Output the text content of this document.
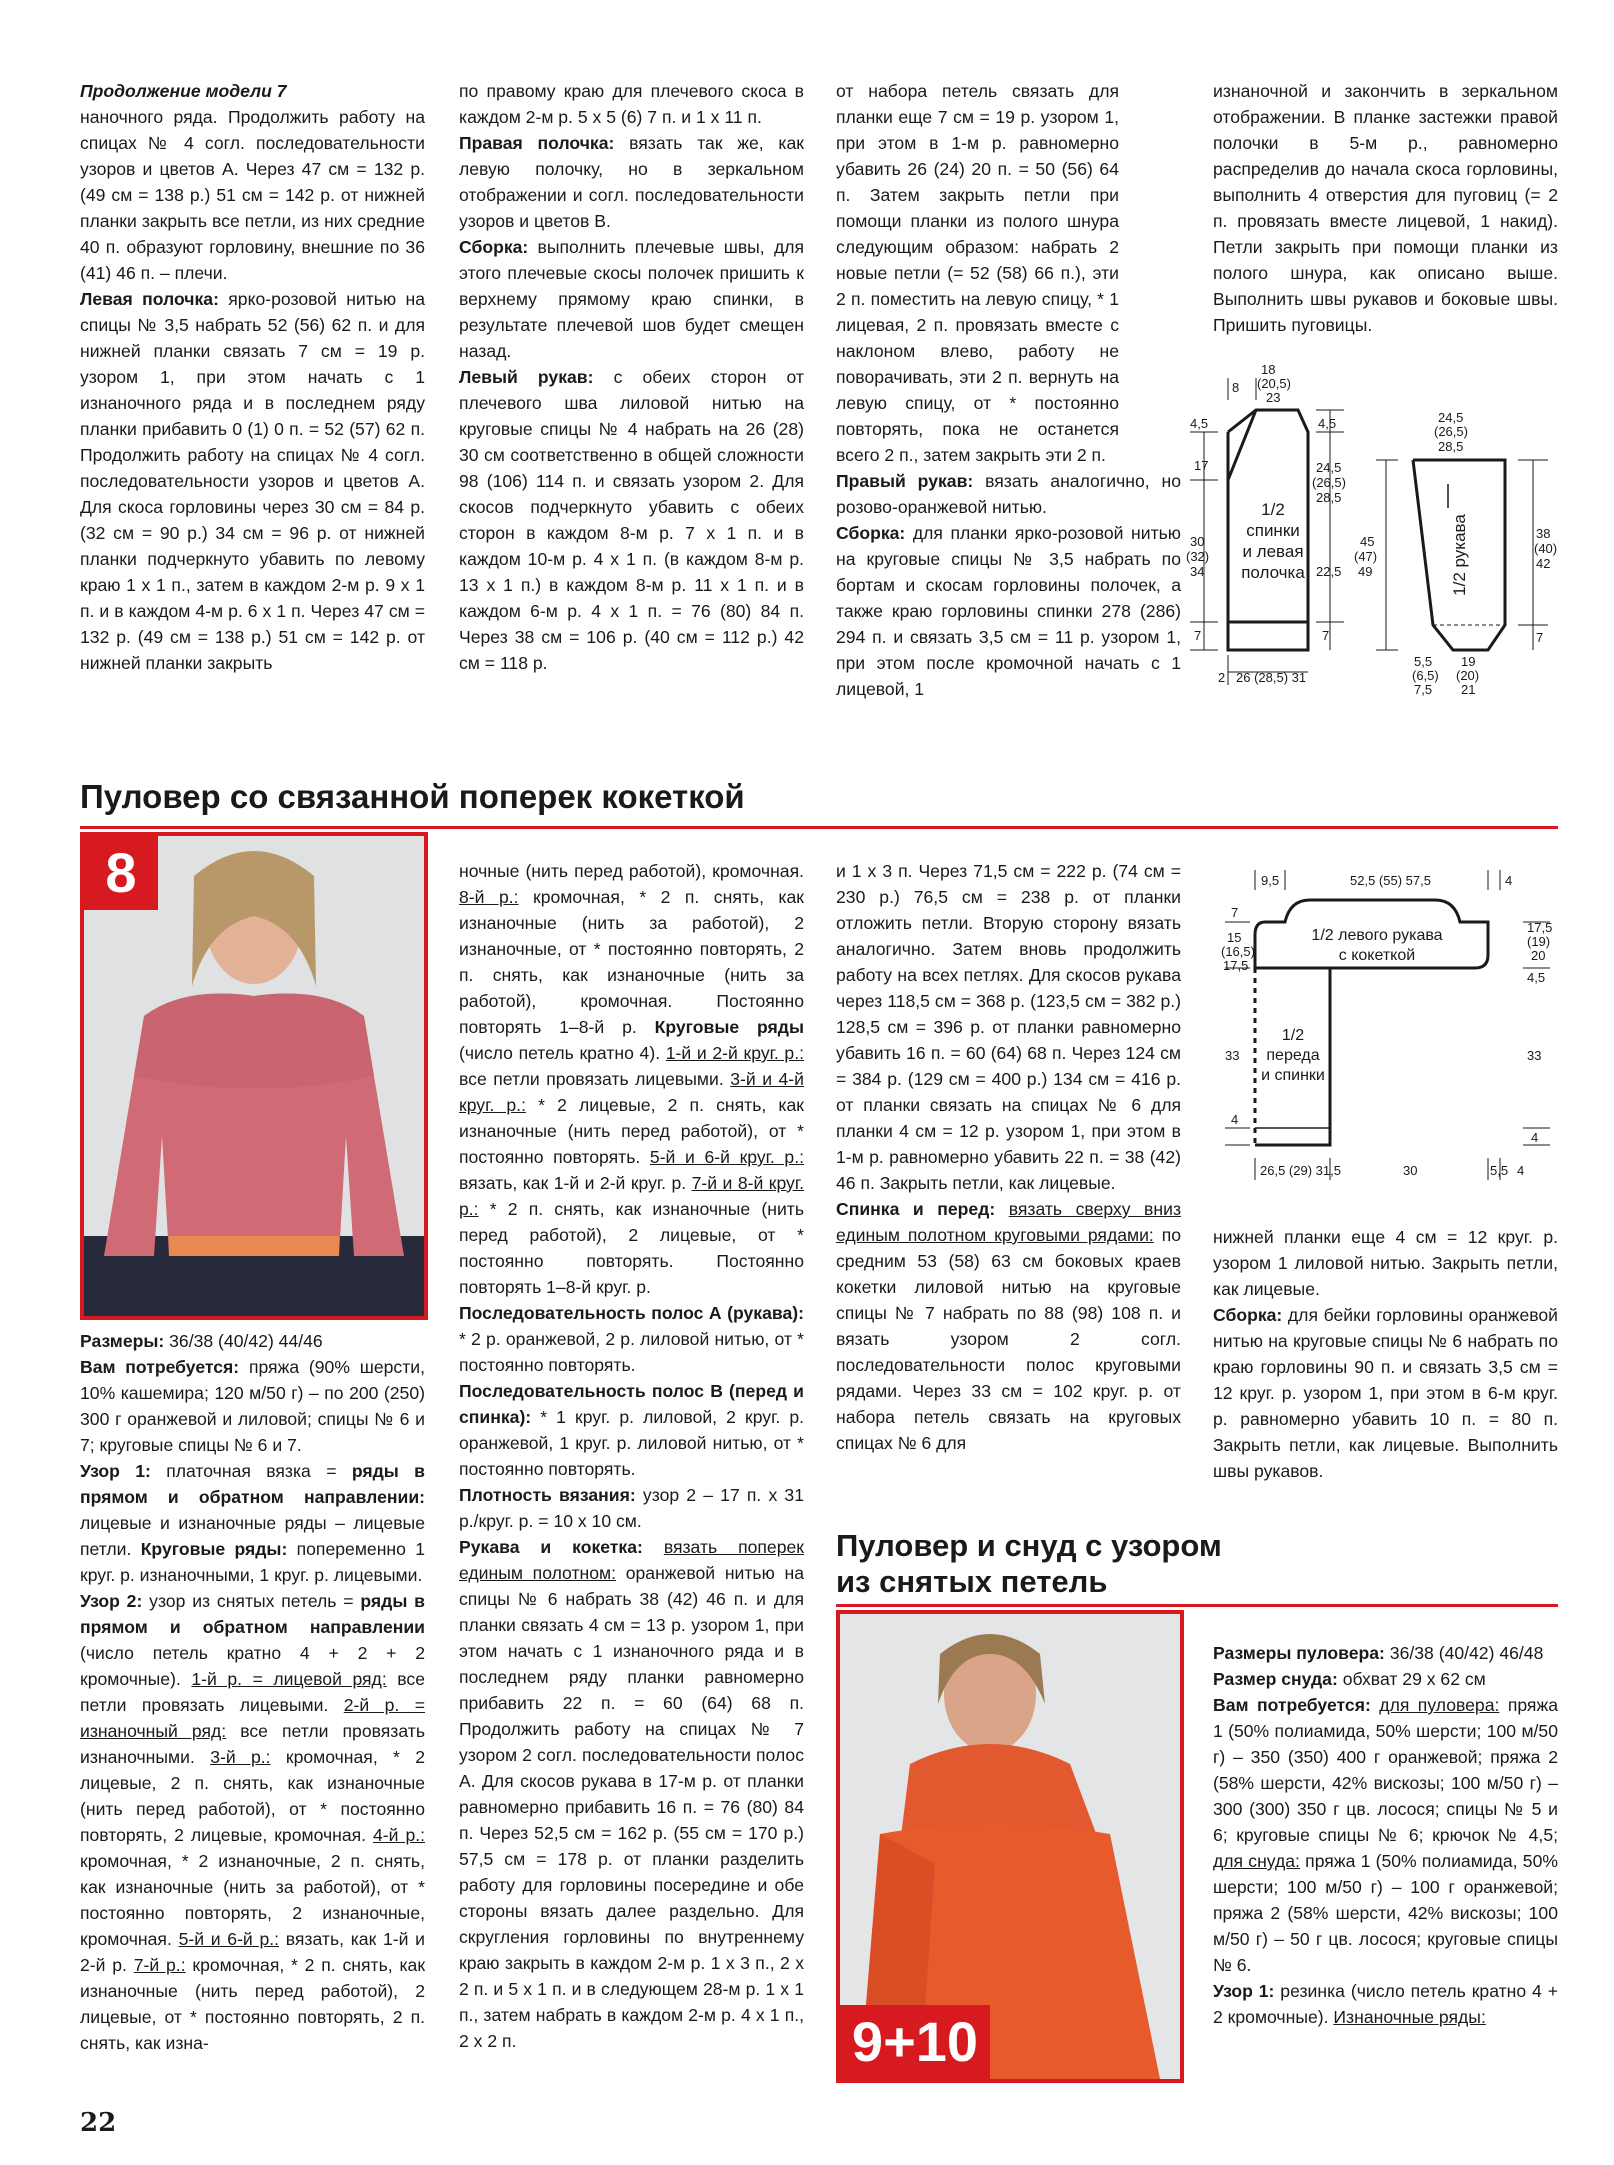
Продолжение модели 7

наночного ряда. Продолжить работу на спицах № 4 согл. последовательности узоров и цветов А. Через 47 см = 132 р. (49 см = 138 р.) 51 см = 142 р. от нижней планки закрыть все петли, из них средние 40 п. образуют горловину, внешние по 36 (41) 46 п. – плечи.

Левая полочка: ярко-розовой нитью на спицы № 3,5 набрать 52 (56) 62 п. и для нижней планки связать 7 см = 19 р. узором 1, при этом начать с 1 изнаночного ряда и в последнем ряду планки прибавить 0 (1) 0 п. = 52 (57) 62 п. Продолжить работу на спицах № 4 согл. последовательности узоров и цветов А. Для скоса горловины через 30 см = 84 р. (32 см = 90 р.) 34 см = 96 р. от нижней планки подчеркнуто убавить по левому краю 1 х 1 п., затем в каждом 2-м р. 9 х 1 п. и в каждом 4-м р. 6 х 1 п. Через 47 см = 132 р. (49 см = 138 р.) 51 см = 142 р. от нижней планки закрыть

по правому краю для плечевого скоса в каждом 2-м р. 5 х 5 (6) 7 п. и 1 х 11 п.

Правая полочка: вязать так же, как левую полочку, но в зеркальном отображении и согл. последовательности узоров и цветов В.

Сборка: выполнить плечевые швы, для этого плечевые скосы полочек пришить к верхнему прямому краю спинки, в результате плечевой шов будет смещен назад.

Левый рукав: с обеих сторон от плечевого шва лиловой нитью на круговые спицы № 4 набрать на 26 (28) 30 см соответственно в общей сложности 98 (106) 114 п. и связать узором 2. Для скосов подчеркнуто убавить с обеих сторон в каждом 8-м р. 7 х 1 п. и в каждом 10-м р. 4 х 1 п. (в каждом 8-м р. 13 х 1 п.) в каждом 8-м р. 11 х 1 п. и в каждом 6-м р. 4 х 1 п. = 76 (80) 84 п. Через 38 см = 106 р. (40 см = 112 р.) 42 см = 118 р.

от набора петель связать для планки еще 7 см = 19 р. узором 1, при этом в 1-м р. равномерно убавить 26 (24) 20 п. = 50 (56) 64 п. Затем закрыть петли при помощи планки из полого шнура следующим образом: набрать 2 новые петли (= 52 (58) 66 п.), эти 2 п. поместить на левую спицу, * 1 лицевая, 2 п. провязать вместе с наклоном влево, работу не поворачивать, эти 2 п. вернуть на левую спицу, от * постоянно повторять, пока не останется всего 2 п., затем закрыть эти 2 п.

Правый рукав: вязать аналогично, но розово-оранжевой нитью.

Сборка: для планки ярко-розовой нитью на круговые спицы № 3,5 набрать по бортам и скосам горловины полочек, а также краю горловины спинки 278 (286) 294 п. и связать 3,5 см = 11 р. узором 1, при этом после кромочной начать с 1 лицевой, 1

изнаночной и закончить в зеркальном отображении. В планке застежки правой полочки в 5-м р., равномерно распределив до начала скоса горловины, выполнить 4 отверстия для пуговиц (= 2 п. провязать вместе лицевой, 1 накид). Петли закрыть при помощи планки из полого шнура, как описано выше. Выполнить швы рукавов и боковые швы. Пришить пуговицы.

8
18
(20,5)
23
4,5
17
30
(32)
34
7
4,5
24,5
(26,5)
28,5
22,5
7
2 26 (28,5) 31
24,5
(26,5)
28,5
45
(47)
49
38
(40)
42
7
5,5
(6,5)
7,5
19
(20)
21
1/2
спинки
и левая
полочка	1/2 рукава
Пуловер со связанной поперек кокеткой
8

Размеры: 36/38 (40/42) 44/46

Вам потребуется: пряжа (90% шерсти, 10% кашемира; 120 м/50 г) – по 200 (250) 300 г оранжевой и лиловой; спицы № 6 и 7; круговые спицы № 6 и 7.

Узор 1: платочная вязка = ряды в прямом и обратном направлении: лицевые и изнаночные ряды – лицевые петли. Круговые ряды: попеременно 1 круг. р. изнаночными, 1 круг. р. лицевыми.

Узор 2: узор из снятых петель = ряды в прямом и обратном направлении (число петель кратно 4 + 2 + 2 кромочные). 1-й р. = лицевой ряд: все петли провязать лицевыми. 2-й р. = изнаночный ряд: все петли провязать изнаночными. 3-й р.: кромочная, * 2 лицевые, 2 п. снять, как изнаночные (нить перед работой), от * постоянно повторять, 2 лицевые, кромочная. 4-й р.: кромочная, * 2 изнаночные, 2 п. снять, как изнаночные (нить за работой), от * постоянно повторять, 2 изнаночные, кромочная. 5-й и 6-й р.: вязать, как 1-й и 2-й р. 7-й р.: кромочная, * 2 п. снять, как изнаночные (нить перед работой), 2 лицевые, от * постоянно повторять, 2 п. снять, как изна-

ночные (нить перед работой), кромочная. 8-й р.: кромочная, * 2 п. снять, как изнаночные (нить за работой), 2 изнаночные, от * постоянно повторять, 2 п. снять, как изнаночные (нить за работой), кромочная. Постоянно повторять 1–8-й р. Круговые ряды (число петель кратно 4). 1-й и 2-й круг. р.: все петли провязать лицевыми. 3-й и 4-й круг. р.: * 2 лицевые, 2 п. снять, как изнаночные (нить перед работой), от * постоянно повторять. 5-й и 6-й круг. р.: вязать, как 1-й и 2-й круг. р. 7-й и 8-й круг. р.: * 2 п. снять, как изнаночные (нить перед работой), 2 лицевые, от * постоянно повторять. Постоянно повторять 1–8-й круг. р.

Последовательность полос А (рукава): * 2 р. оранжевой, 2 р. лиловой нитью, от * постоянно повторять.

Последовательность полос В (перед и спинка): * 1 круг. р. лиловой, 2 круг. р. оранжевой, 1 круг. р. лиловой нитью, от * постоянно повторять.

Плотность вязания: узор 2 – 17 п. х 31 р./круг. р. = 10 х 10 см.

Рукава и кокетка: вязать поперек единым полотном: оранжевой нитью на спицы № 6 набрать 38 (42) 46 п. и для планки связать 4 см = 13 р. узором 1, при этом начать с 1 изнаночного ряда и в последнем ряду планки равномерно прибавить 22 п. = 60 (64) 68 п. Продолжить работу на спицах № 7 узором 2 согл. последовательности полос А. Для скосов рукава в 17-м р. от планки равномерно прибавить 16 п. = 76 (80) 84 п. Через 52,5 см = 162 р. (55 см = 170 р.) 57,5 см = 178 р. от планки разделить работу для горловины посередине и обе стороны вязать далее раздельно. Для скругления горловины по внутреннему краю закрыть в каждом 2-м р. 1 х 3 п., 2 х 2 п. и 5 х 1 п. и в следующем 28-м р. 1 х 1 п., затем набрать в каждом 2-м р. 4 х 1 п., 2 х 2 п.

и 1 х 3 п. Через 71,5 см = 222 р. (74 см = 230 р.) 76,5 см = 238 р. от планки отложить петли. Вторую сторону вязать аналогично. Затем вновь продолжить работу на всех петлях. Для скосов рукава через 118,5 см = 368 р. (123,5 см = 382 р.) 128,5 см = 396 р. от планки равномерно убавить 16 п. = 60 (64) 68 п. Через 124 см = 384 р. (129 см = 400 р.) 134 см = 416 р. от планки связать на спицах № 6 для планки 4 см = 12 р. узором 1, при этом в 1-м р. равномерно убавить 22 п. = 38 (42) 46 п. Закрыть петли, как лицевые.

Спинка и перед: вязать сверху вниз единым полотном круговыми рядами: по средним 53 (58) 63 см боковых краев кокетки лиловой нитью на круговые спицы № 7 набрать по 88 (98) 108 п. и вязать узором 2 согл. последовательности полос круговыми рядами. Через 33 см = 102 круг. р. от набора петель связать на круговых спицах № 6 для

9,5	52,5 (55) 57,5	4
7
15
(16,5)
17,5
33
4
17,5
(19)
20
4,5
33
4
26,5 (29) 31,5	30	5,5 4
1/2 левого рукава
с кокеткой
1/2
переда
и спинки

нижней планки еще 4 см = 12 круг. р. узором 1 лиловой нитью. Закрыть петли, как лицевые.

Сборка: для бейки горловины оранжевой нитью на круговые спицы № 6 набрать по краю горловины 90 п. и связать 3,5 см = 12 круг. р. узором 1, при этом в 6-м круг. р. равномерно убавить 10 п. = 80 п. Закрыть петли, как лицевые. Выполнить швы рукавов.

Пуловер и снуд с узором
из снятых петель
9+10

Размеры пуловера: 36/38 (40/42) 46/48

Размер снуда: обхват 29 х 62 см

Вам потребуется: для пуловера: пряжа 1 (50% полиамида, 50% шерсти; 100 м/50 г) – 350 (350) 400 г оранжевой; пряжа 2 (58% шерсти, 42% вискозы; 100 м/50 г) – 300 (300) 350 г цв. лосося; спицы № 5 и 6; круговые спицы № 6; крючок № 4,5; для снуда: пряжа 1 (50% полиамида, 50% шерсти; 100 м/50 г) – 100 г оранжевой; пряжа 2 (58% шерсти, 42% вискозы; 100 м/50 г) – 50 г цв. лосося; круговые спицы № 6.

Узор 1: резинка (число петель кратно 4 + 2 кромочные). Изнаночные ряды:

22
